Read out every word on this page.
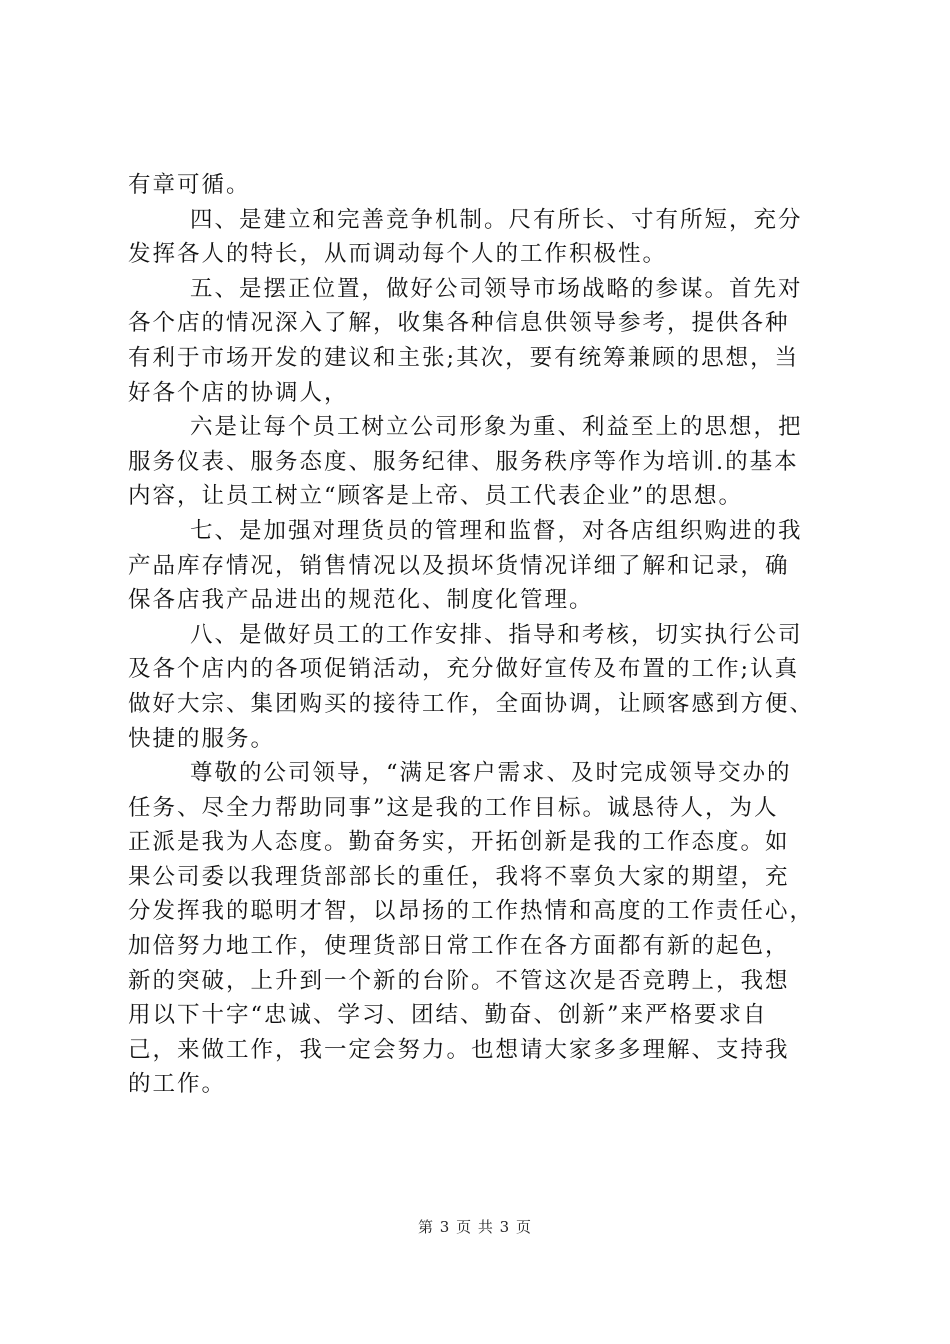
有章可循。
四、是建立和完善竞争机制。尺有所长、寸有所短，充分
发挥各人的特长，从而调动每个人的工作积极性。
五、是摆正位置，做好公司领导市场战略的参谋。首先对
各个店的情况深入了解，收集各种信息供领导参考，提供各种
有利于市场开发的建议和主张;其次，要有统筹兼顾的思想，当
好各个店的协调人，
六是让每个员工树立公司形象为重、利益至上的思想，把
服务仪表、服务态度、服务纪律、服务秩序等作为培训.的基本
内容，让员工树立“顾客是上帝、员工代表企业”的思想。
七、是加强对理货员的管理和监督，对各店组织购进的我
产品库存情况，销售情况以及损坏货情况详细了解和记录，确
保各店我产品进出的规范化、制度化管理。
八、是做好员工的工作安排、指导和考核，切实执行公司
及各个店内的各项促销活动，充分做好宣传及布置的工作;认真
做好大宗、集团购买的接待工作，全面协调，让顾客感到方便、
快捷的服务。
尊敬的公司领导，“满足客户需求、及时完成领导交办的
任务、尽全力帮助同事”这是我的工作目标。诚恳待人，为人
正派是我为人态度。勤奋务实，开拓创新是我的工作态度。如
果公司委以我理货部部长的重任，我将不辜负大家的期望，充
分发挥我的聪明才智，以昂扬的工作热情和高度的工作责任心，
加倍努力地工作，使理货部日常工作在各方面都有新的起色，
新的突破，上升到一个新的台阶。不管这次是否竞聘上，我想
用以下十字“忠诚、学习、团结、勤奋、创新”来严格要求自
己，来做工作，我一定会努力。也想请大家多多理解、支持我
的工作。
第 3 页 共 3 页
